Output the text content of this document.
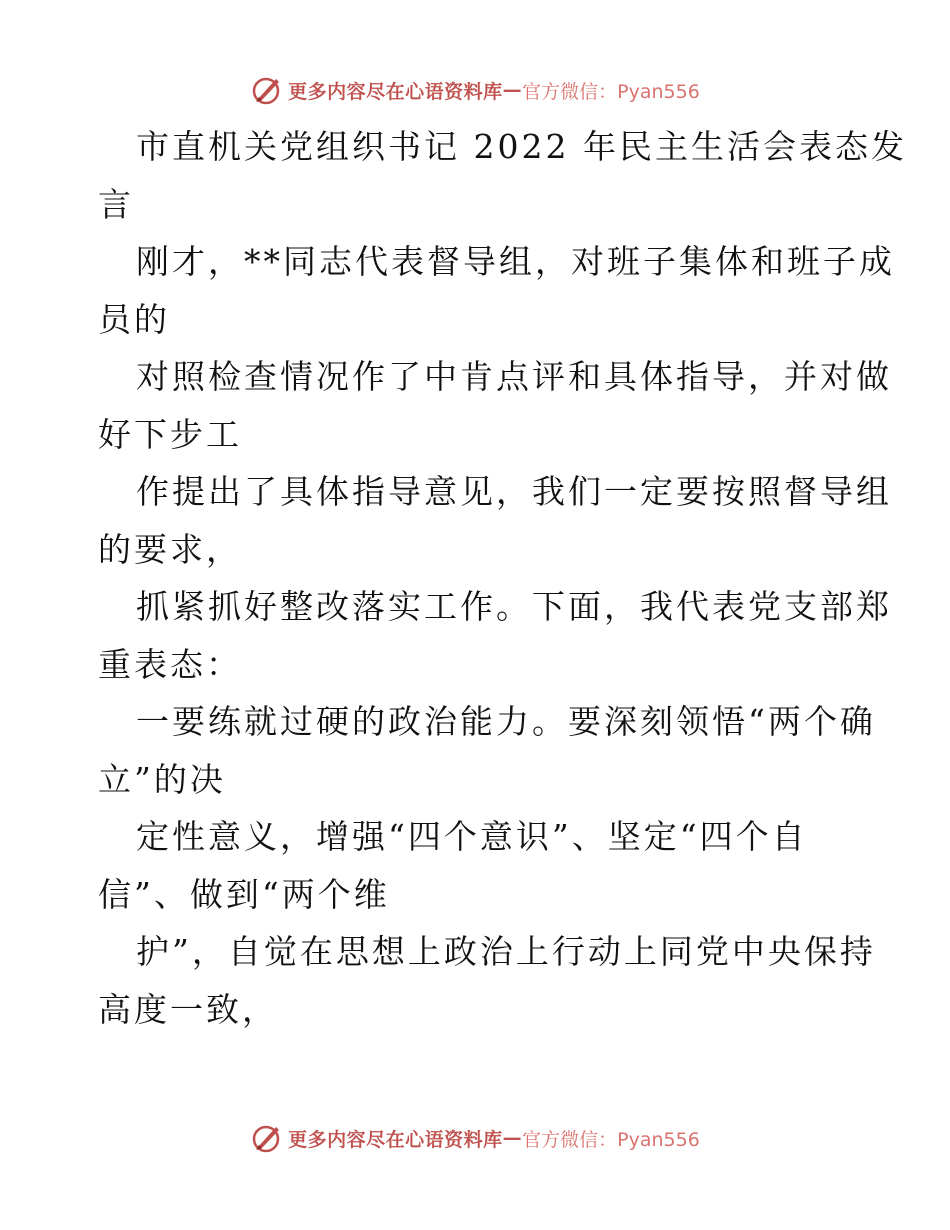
更多内容尽在心语资料库 — 官方微信：Pyan556
市直机关党组织书记 2022 年民主生活会表态发
言
刚才，**同志代表督导组，对班子集体和班子成
员的
对照检查情况作了中肯点评和具体指导，并对做
好下步工
作提出了具体指导意见，我们一定要按照督导组
的要求，
抓紧抓好整改落实工作。下面，我代表党支部郑
重表态：
一要练就过硬的政治能力。要深刻领悟“两个确
立”的决
定性意义，增强“四个意识”、坚定“四个自
信”、做到“两个维
护”，自觉在思想上政治上行动上同党中央保持
高度一致，
更多内容尽在心语资料库 — 官方微信：Pyan556
